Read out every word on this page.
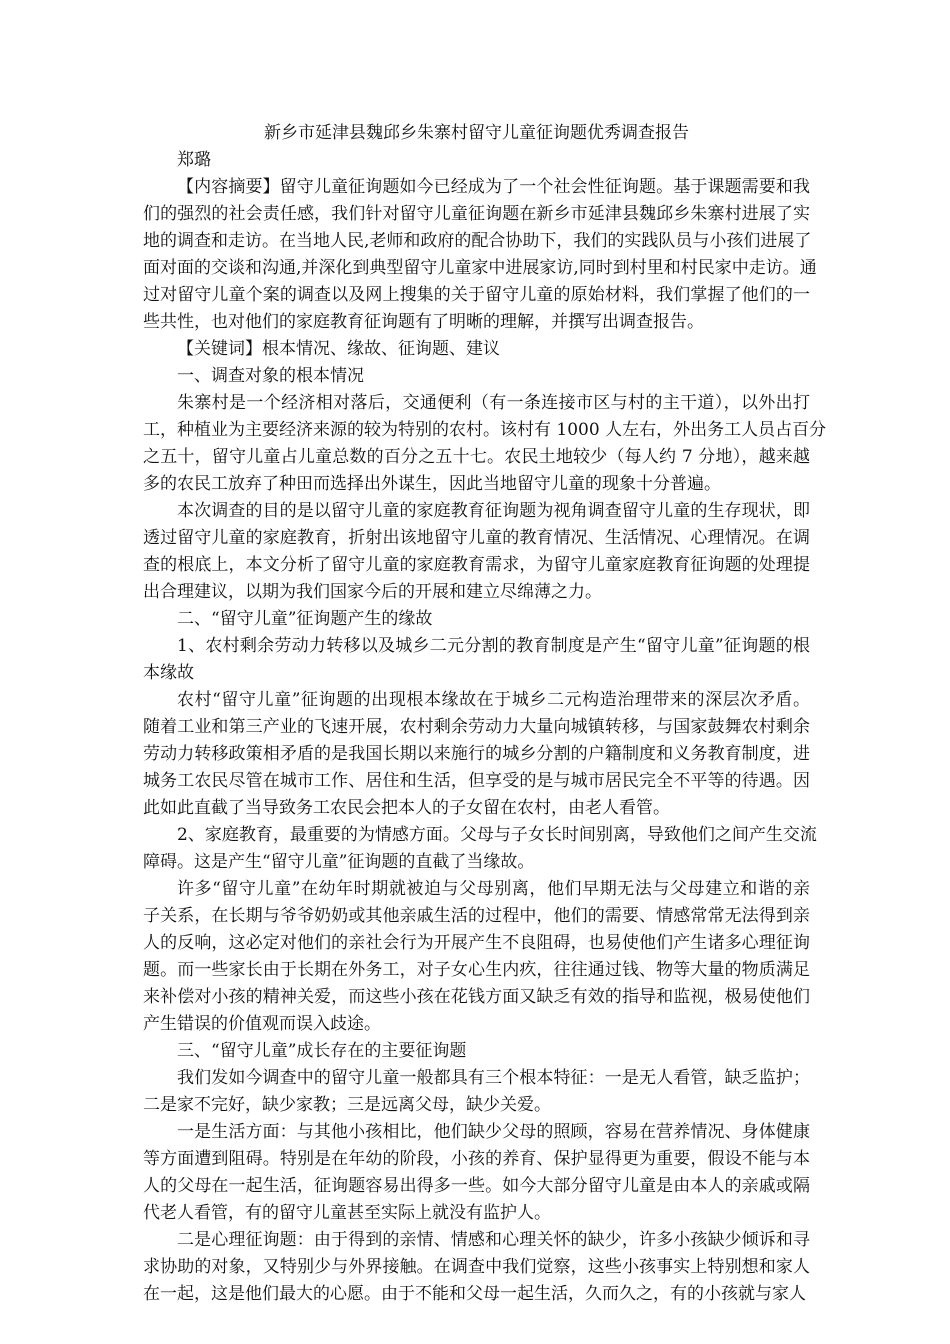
新乡市延津县魏邱乡朱寨村留守儿童征询题优秀调查报告
郑璐
【内容摘要】留守儿童征询题如今已经成为了一个社会性征询题。基于课题需要和我
们的强烈的社会责任感，我们针对留守儿童征询题在新乡市延津县魏邱乡朱寨村进展了实
地的调查和走访。在当地人民,老师和政府的配合协助下，我们的实践队员与小孩们进展了
面对面的交谈和沟通,并深化到典型留守儿童家中进展家访,同时到村里和村民家中走访。通
过对留守儿童个案的调查以及网上搜集的关于留守儿童的原始材料，我们掌握了他们的一
些共性，也对他们的家庭教育征询题有了明晰的理解，并撰写出调查报告。
【关键词】根本情况、缘故、征询题、建议
一、调查对象的根本情况
朱寨村是一个经济相对落后，交通便利（有一条连接市区与村的主干道），以外出打
工，种植业为主要经济来源的较为特别的农村。该村有 1000 人左右，外出务工人员占百分
之五十，留守儿童占儿童总数的百分之五十七。农民土地较少（每人约 7 分地），越来越
多的农民工放弃了种田而选择出外谋生，因此当地留守儿童的现象十分普遍。
本次调查的目的是以留守儿童的家庭教育征询题为视角调查留守儿童的生存现状，即
透过留守儿童的家庭教育，折射出该地留守儿童的教育情况、生活情况、心理情况。在调
查的根底上，本文分析了留守儿童的家庭教育需求，为留守儿童家庭教育征询题的处理提
出合理建议，以期为我们国家今后的开展和建立尽绵薄之力。
二、“留守儿童”征询题产生的缘故
1、农村剩余劳动力转移以及城乡二元分割的教育制度是产生“留守儿童”征询题的根
本缘故
农村“留守儿童”征询题的出现根本缘故在于城乡二元构造治理带来的深层次矛盾。
随着工业和第三产业的飞速开展，农村剩余劳动力大量向城镇转移，与国家鼓舞农村剩余
劳动力转移政策相矛盾的是我国长期以来施行的城乡分割的户籍制度和义务教育制度，进
城务工农民尽管在城市工作、居住和生活，但享受的是与城市居民完全不平等的待遇。因
此如此直截了当导致务工农民会把本人的子女留在农村，由老人看管。
2、家庭教育，最重要的为情感方面。父母与子女长时间别离，导致他们之间产生交流
障碍。这是产生“留守儿童”征询题的直截了当缘故。
许多“留守儿童”在幼年时期就被迫与父母别离，他们早期无法与父母建立和谐的亲
子关系，在长期与爷爷奶奶或其他亲戚生活的过程中，他们的需要、情感常常无法得到亲
人的反响，这必定对他们的亲社会行为开展产生不良阻碍，也易使他们产生诸多心理征询
题。而一些家长由于长期在外务工，对子女心生内疚，往往通过钱、物等大量的物质满足
来补偿对小孩的精神关爱，而这些小孩在花钱方面又缺乏有效的指导和监视，极易使他们
产生错误的价值观而误入歧途。
三、“留守儿童”成长存在的主要征询题
我们发如今调查中的留守儿童一般都具有三个根本特征：一是无人看管，缺乏监护；
二是家不完好，缺少家教；三是远离父母，缺少关爱。
一是生活方面：与其他小孩相比，他们缺少父母的照顾，容易在营养情况、身体健康
等方面遭到阻碍。特别是在年幼的阶段，小孩的养育、保护显得更为重要，假设不能与本
人的父母在一起生活，征询题容易出得多一些。如今大部分留守儿童是由本人的亲戚或隔
代老人看管，有的留守儿童甚至实际上就没有监护人。
二是心理征询题：由于得到的亲情、情感和心理关怀的缺少，许多小孩缺少倾诉和寻
求协助的对象，又特别少与外界接触。在调查中我们觉察，这些小孩事实上特别想和家人
在一起，这是他们最大的心愿。由于不能和父母一起生活，久而久之，有的小孩就与家人
